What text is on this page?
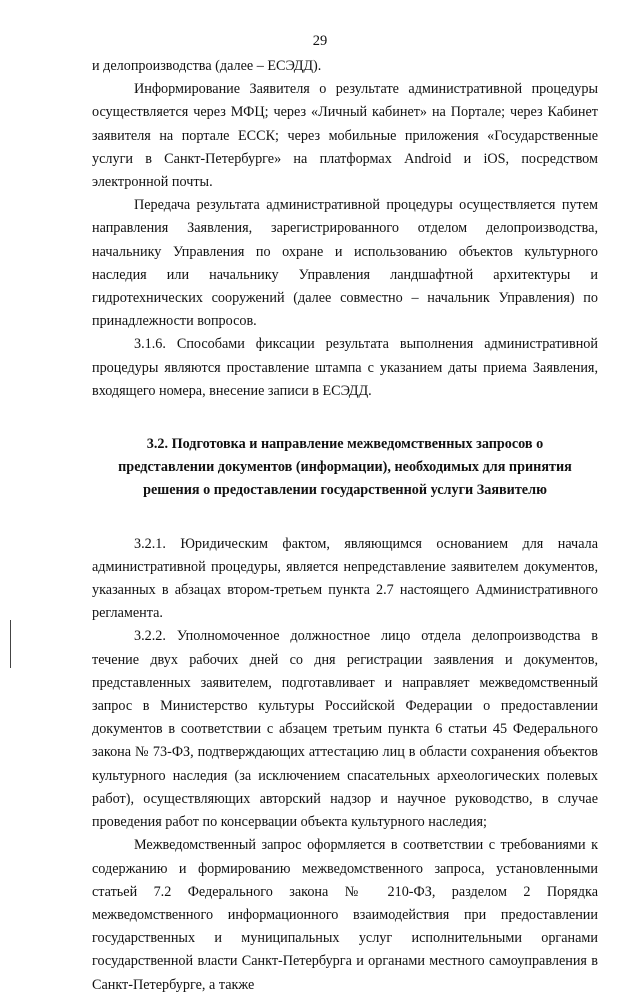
29

и делопроизводства (далее – ЕСЭДД).

Информирование Заявителя о результате административной процедуры осуществляется через МФЦ; через «Личный кабинет» на Портале; через Кабинет заявителя на портале ЕССК; через мобильные приложения «Государственные услуги в Санкт-Петербурге» на платформах Android и iOS, посредством электронной почты.

Передача результата административной процедуры осуществляется путем направления Заявления, зарегистрированного отделом делопроизводства, начальнику Управления по охране и использованию объектов культурного наследия или начальнику Управления ландшафтной архитектуры и гидротехнических сооружений (далее совместно – начальник Управления) по принадлежности вопросов.

3.1.6. Способами фиксации результата выполнения административной процедуры являются проставление штампа с указанием даты приема Заявления, входящего номера, внесение записи в ЕСЭДД.

3.2. Подготовка и направление межведомственных запросов о представлении документов (информации), необходимых для принятия решения о предоставлении государственной услуги Заявителю

3.2.1. Юридическим фактом, являющимся основанием для начала административной процедуры, является непредставление заявителем документов, указанных в абзацах втором-третьем пункта 2.7 настоящего Административного регламента.

3.2.2. Уполномоченное должностное лицо отдела делопроизводства в течение двух рабочих дней со дня регистрации заявления и документов, представленных заявителем, подготавливает и направляет межведомственный запрос в Министерство культуры Российской Федерации о предоставлении документов в соответствии с абзацем третьим пункта 6 статьи 45 Федерального закона № 73-ФЗ, подтверждающих аттестацию лиц в области сохранения объектов культурного наследия (за исключением спасательных археологических полевых работ), осуществляющих авторский надзор и научное руководство, в случае проведения работ по консервации объекта культурного наследия;

Межведомственный запрос оформляется в соответствии с требованиями к содержанию и формированию межведомственного запроса, установленными статьей 7.2 Федерального закона № 210-ФЗ, разделом 2 Порядка межведомственного информационного взаимодействия при предоставлении государственных и муниципальных услуг исполнительными органами государственной власти Санкт-Петербурга и органами местного самоуправления в Санкт-Петербурге, а также
